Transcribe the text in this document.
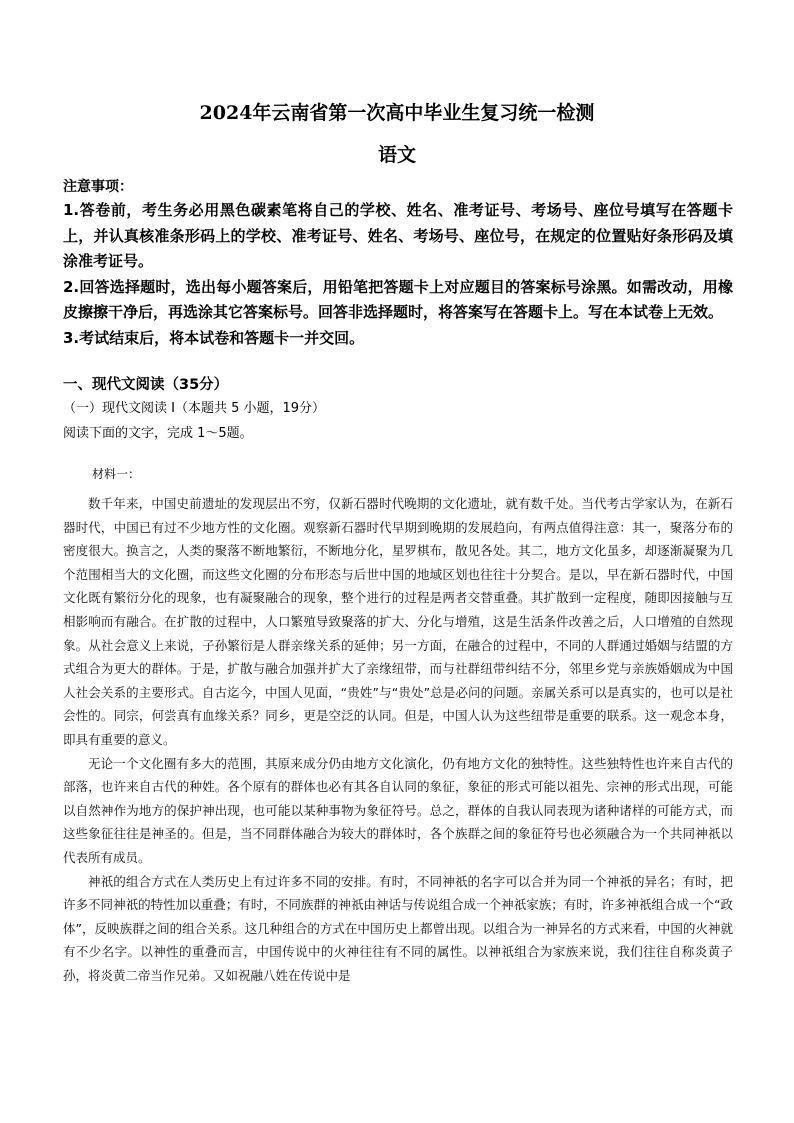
2024年云南省第一次高中毕业生复习统一检测
语文
注意事项：

1.答卷前，考生务必用黑色碳素笔将自己的学校、姓名、准考证号、考场号、座位号填写在答题卡上，并认真核准条形码上的学校、准考证号、姓名、考场号、座位号，在规定的位置贴好条形码及填涂准考证号。

2.回答选择题时，选出每小题答案后，用铅笔把答题卡上对应题目的答案标号涂黑。如需改动，用橡皮擦擦干净后，再选涂其它答案标号。回答非选择题时，将答案写在答题卡上。写在本试卷上无效。

3.考试结束后，将本试卷和答题卡一并交回。

一、现代文阅读（35分）
（一）现代文阅读 I（本题共 5 小题，19分）
阅读下面的文字，完成 1～5题。
材料一：

数千年来，中国史前遗址的发现层出不穷，仅新石器时代晚期的文化遗址，就有数千处。当代考古学家认为，在新石器时代，中国已有过不少地方性的文化圈。观察新石器时代早期到晚期的发展趋向，有两点值得注意：其一，聚落分布的密度很大。换言之，人类的聚落不断地繁衍，不断地分化，星罗棋布，散见各处。其二，地方文化虽多，却逐渐凝聚为几个范围相当大的文化圈，而这些文化圈的分布形态与后世中国的地域区划也往往十分契合。是以，早在新石器时代，中国文化既有繁衍分化的现象，也有凝聚融合的现象，整个进行的过程是两者交替重叠。其扩散到一定程度，随即因接触与互相影响而有融合。在扩散的过程中，人口繁殖导致聚落的扩大、分化与增殖，这是生活条件改善之后，人口增殖的自然现象。从社会意义上来说，子孙繁衍是人群亲缘关系的延伸；另一方面，在融合的过程中，不同的人群通过婚姻与结盟的方式组合为更大的群体。于是，扩散与融合加强并扩大了亲缘纽带，而与社群纽带纠结不分，邻里乡党与亲族婚姻成为中国人社会关系的主要形式。自古迄今，中国人见面，“贵姓”与“贵处”总是必问的问题。亲属关系可以是真实的，也可以是社会性的。同宗，何尝真有血缘关系？同乡，更是空泛的认同。但是，中国人认为这些纽带是重要的联系。这一观念本身，即具有重要的意义。

无论一个文化圈有多大的范围，其原来成分仍由地方文化演化，仍有地方文化的独特性。这些独特性也许来自古代的部落，也许来自古代的种姓。各个原有的群体也必有其各自认同的象征，象征的形式可能以祖先、宗神的形式出现，可能以自然神作为地方的保护神出现，也可能以某种事物为象征符号。总之，群体的自我认同表现为诸种诸样的可能方式，而这些象征往往是神圣的。但是，当不同群体融合为较大的群体时，各个族群之间的象征符号也必须融合为一个共同神祇以代表所有成员。

神祇的组合方式在人类历史上有过许多不同的安排。有时，不同神祇的名字可以合并为同一个神祇的异名；有时，把许多不同神祇的特性加以重叠；有时，不同族群的神祇由神话与传说组合成一个神祇家族；有时，许多神祇组合成一个“政体”，反映族群之间的组合关系。这几种组合的方式在中国历史上都曾出现。以组合为一神异名的方式来看，中国的火神就有不少名字。以神性的重叠而言，中国传说中的火神往往有不同的属性。以神祇组合为家族来说，我们往往自称炎黄子孙，将炎黄二帝当作兄弟。又如祝融八姓在传说中是
